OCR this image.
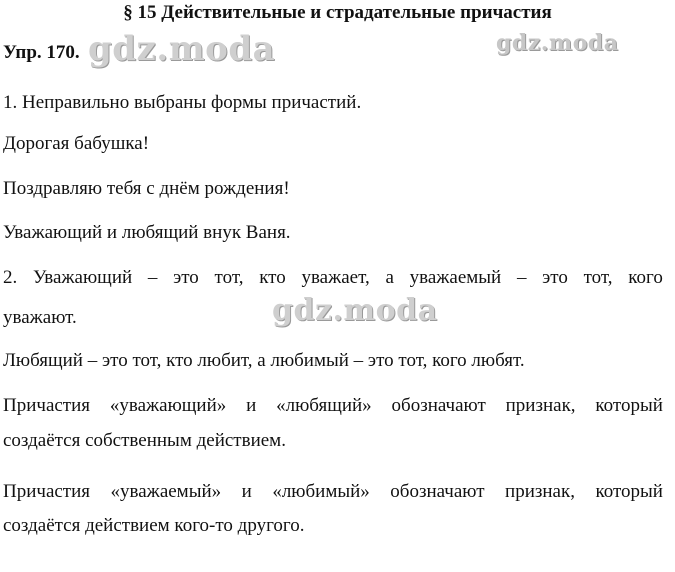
§ 15 Действительные и страдательные причастия
Упр. 170. gdz.moda	gdz.moda
1. Неправильно выбраны формы причастий.
Дорогая бабушка!
Поздравляю тебя с днём рождения!
Уважающий и любящий внук Ваня.
2. Уважающий – это тот, кто уважает, а уважаемый – это тот, кого
уважают.	gdz.moda
Любящий – это тот, кто любит, а любимый – это тот, кого любят.
Причастия «уважающий» и «любящий» обозначают признак, который
создаётся собственным действием.
Причастия «уважаемый» и «любимый» обозначают признак, который
создаётся действием кого-то другого.
